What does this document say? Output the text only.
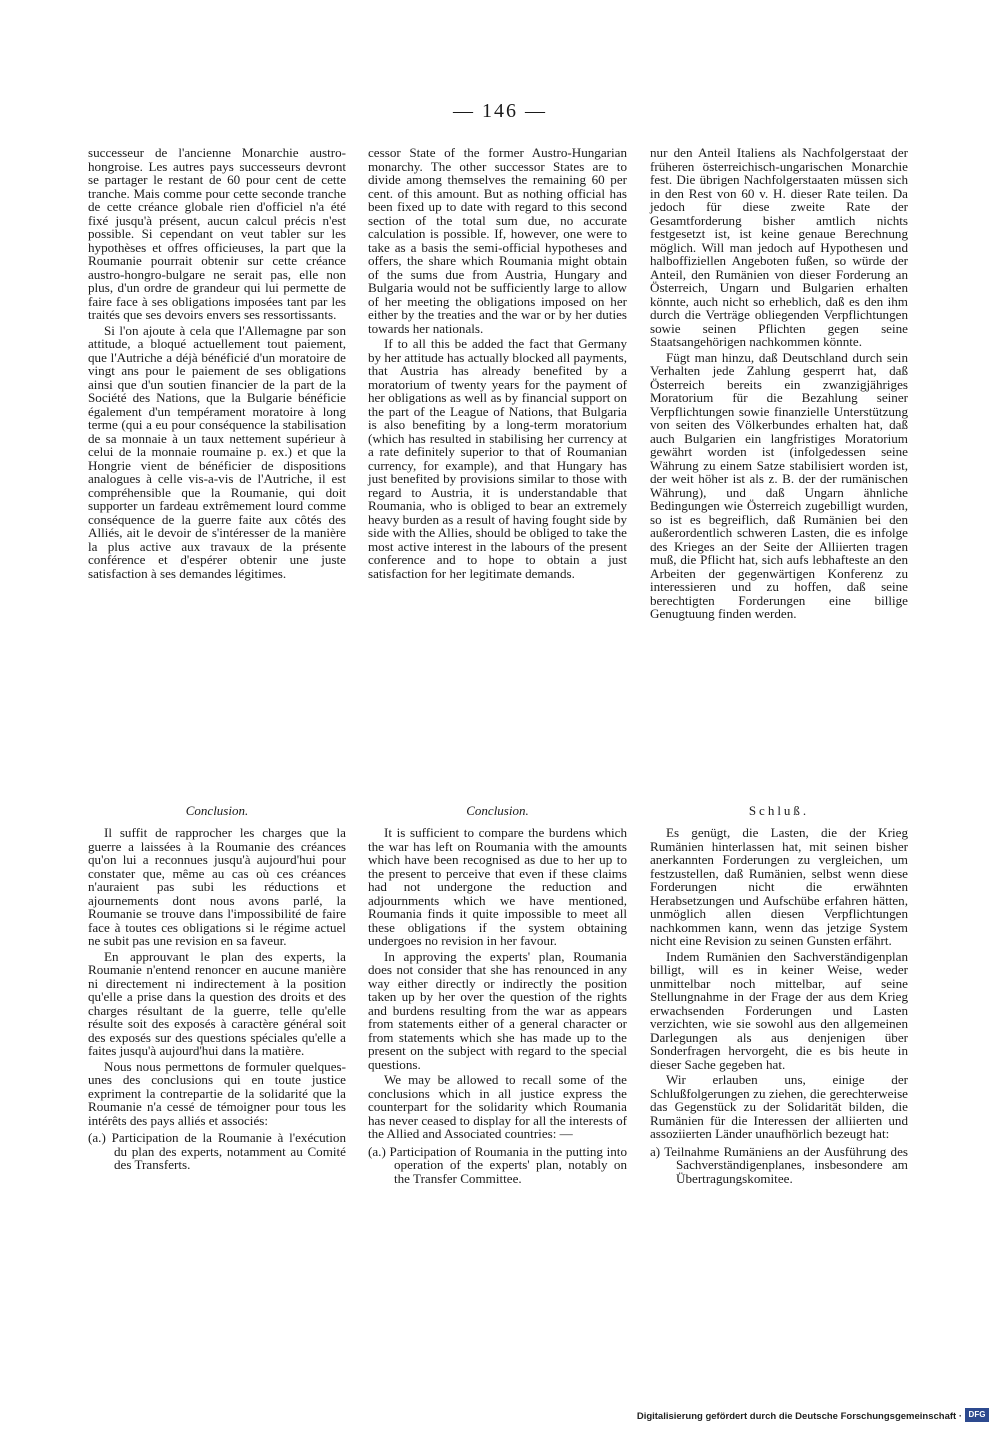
— 146 —

successeur de l'ancienne Monarchie austro-hongroise. Les autres pays successeurs devront se partager le restant de 60 pour cent de cette tranche. Mais comme pour cette seconde tranche de cette créance globale rien d'officiel n'a été fixé jusqu'à présent, aucun calcul précis n'est possible. Si cependant on veut tabler sur les hypothèses et offres officieuses, la part que la Roumanie pourrait obtenir sur cette créance austro-hongro-bulgare ne serait pas, elle non plus, d'un ordre de grandeur qui lui permette de faire face à ses obligations imposées tant par les traités que ses devoirs envers ses ressortissants.

Si l'on ajoute à cela que l'Allemagne par son attitude, a bloqué actuellement tout paiement, que l'Autriche a déjà bénéficié d'un moratoire de vingt ans pour le paiement de ses obligations ainsi que d'un soutien financier de la part de la Société des Nations, que la Bulgarie bénéficie également d'un tempérament moratoire à long terme (qui a eu pour conséquence la stabilisation de sa monnaie à un taux nettement supérieur à celui de la monnaie roumaine p. ex.) et que la Hongrie vient de bénéficier de dispositions analogues à celle vis-a-vis de l'Autriche, il est compréhensible que la Roumanie, qui doit supporter un fardeau extrêmement lourd comme conséquence de la guerre faite aux côtés des Alliés, ait le devoir de s'intéresser de la manière la plus active aux travaux de la présente conférence et d'espérer obtenir une juste satisfaction à ses demandes légitimes.

cessor State of the former Austro-Hungarian monarchy. The other successor States are to divide among themselves the remaining 60 per cent. of this amount. But as nothing official has been fixed up to date with regard to this second section of the total sum due, no accurate calculation is possible. If, however, one were to take as a basis the semi-official hypotheses and offers, the share which Roumania might obtain of the sums due from Austria, Hungary and Bulgaria would not be sufficiently large to allow of her meeting the obligations imposed on her either by the treaties and the war or by her duties towards her nationals.

If to all this be added the fact that Germany by her attitude has actually blocked all payments, that Austria has already benefited by a moratorium of twenty years for the payment of her obligations as well as by financial support on the part of the League of Nations, that Bulgaria is also benefiting by a long-term moratorium (which has resulted in stabilising her currency at a rate definitely superior to that of Roumanian currency, for example), and that Hungary has just benefited by provisions similar to those with regard to Austria, it is understandable that Roumania, who is obliged to bear an extremely heavy burden as a result of having fought side by side with the Allies, should be obliged to take the most active interest in the labours of the present conference and to hope to obtain a just satisfaction for her legitimate demands.

nur den Anteil Italiens als Nachfolgerstaat der früheren österreichisch-ungarischen Monarchie fest. Die übrigen Nachfolgerstaaten müssen sich in den Rest von 60 v. H. dieser Rate teilen. Da jedoch für diese zweite Rate der Gesamtforderung bisher amtlich nichts festgesetzt ist, ist keine genaue Berechnung möglich. Will man jedoch auf Hypothesen und halboffiziellen Angeboten fußen, so würde der Anteil, den Rumänien von dieser Forderung an Österreich, Ungarn und Bulgarien erhalten könnte, auch nicht so erheblich, daß es den ihm durch die Verträge obliegenden Verpflichtungen sowie seinen Pflichten gegen seine Staatsangehörigen nachkommen könnte.

Fügt man hinzu, daß Deutschland durch sein Verhalten jede Zahlung gesperrt hat, daß Österreich bereits ein zwanzigjähriges Moratorium für die Bezahlung seiner Verpflichtungen sowie finanzielle Unterstützung von seiten des Völkerbundes erhalten hat, daß auch Bulgarien ein langfristiges Moratorium gewährt worden ist (infolgedessen seine Währung zu einem Satze stabilisiert worden ist, der weit höher ist als z. B. der der rumänischen Währung), und daß Ungarn ähnliche Bedingungen wie Österreich zugebilligt wurden, so ist es begreiflich, daß Rumänien bei den außerordentlich schweren Lasten, die es infolge des Krieges an der Seite der Alliierten tragen muß, die Pflicht hat, sich aufs lebhafteste an den Arbeiten der gegenwärtigen Konferenz zu interessieren und zu hoffen, daß seine berechtigten Forderungen eine billige Genugtuung finden werden.

Conclusion.	Conclusion.	Schluß.

Il suffit de rapprocher les charges que la guerre a laissées à la Roumanie des créances qu'on lui a reconnues jusqu'à aujourd'hui pour constater que, même au cas où ces créances n'auraient pas subi les réductions et ajournements dont nous avons parlé, la Roumanie se trouve dans l'impossibilité de faire face à toutes ces obligations si le régime actuel ne subit pas une revision en sa faveur.

En approuvant le plan des experts, la Roumanie n'entend renoncer en aucune manière ni directement ni indirectement à la position qu'elle a prise dans la question des droits et des charges résultant de la guerre, telle qu'elle résulte soit des exposés à caractère général soit des exposés sur des questions spéciales qu'elle a faites jusqu'à aujourd'hui dans la matière.

Nous nous permettons de formuler quelques-unes des conclusions qui en toute justice expriment la contrepartie de la solidarité que la Roumanie n'a cessé de témoigner pour tous les intérêts des pays alliés et associés:

(a.) Participation de la Roumanie à l'exécution du plan des experts, notamment au Comité des Transferts.

It is sufficient to compare the burdens which the war has left on Roumania with the amounts which have been recognised as due to her up to the present to perceive that even if these claims had not undergone the reduction and adjournments which we have mentioned, Roumania finds it quite impossible to meet all these obligations if the system obtaining undergoes no revision in her favour.

In approving the experts' plan, Roumania does not consider that she has renounced in any way either directly or indirectly the position taken up by her over the question of the rights and burdens resulting from the war as appears from statements either of a general character or from statements which she has made up to the present on the subject with regard to the special questions.

We may be allowed to recall some of the conclusions which in all justice express the counterpart for the solidarity which Roumania has never ceased to display for all the interests of the Allied and Associated countries: —

(a.) Participation of Roumania in the putting into operation of the experts' plan, notably on the Transfer Committee.

Es genügt, die Lasten, die der Krieg Rumänien hinterlassen hat, mit seinen bisher anerkannten Forderungen zu vergleichen, um festzustellen, daß Rumänien, selbst wenn diese Forderungen nicht die erwähnten Herabsetzungen und Aufschübe erfahren hätten, unmöglich allen diesen Verpflichtungen nachkommen kann, wenn das jetzige System nicht eine Revision zu seinen Gunsten erfährt.

Indem Rumänien den Sachverständigenplan billigt, will es in keiner Weise, weder unmittelbar noch mittelbar, auf seine Stellungnahme in der Frage der aus dem Krieg erwachsenden Forderungen und Lasten verzichten, wie sie sowohl aus den allgemeinen Darlegungen als aus denjenigen über Sonderfragen hervorgeht, die es bis heute in dieser Sache gegeben hat.

Wir erlauben uns, einige der Schlußfolgerungen zu ziehen, die gerechterweise das Gegenstück zu der Solidarität bilden, die Rumänien für die Interessen der alliierten und assoziierten Länder unaufhörlich bezeugt hat:

a) Teilnahme Rumäniens an der Ausführung des Sachverständigenplanes, insbesondere am Übertragungskomitee.

Digitalisierung gefördert durch die Deutsche Forschungsgemeinschaft · DFG
